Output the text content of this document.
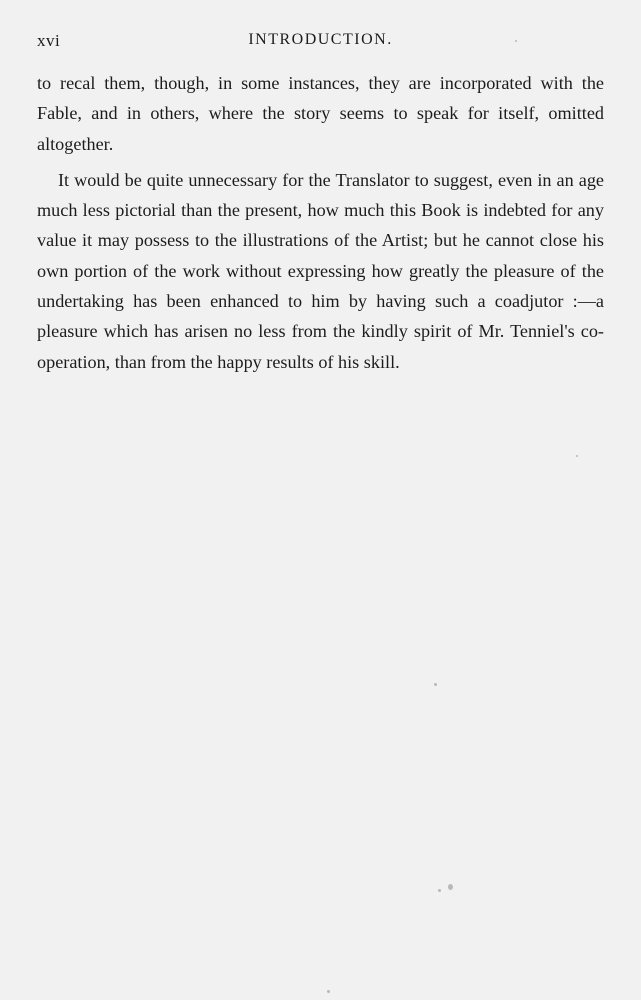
xvi	INTRODUCTION.

to recal them, though, in some instances, they are incorporated with the Fable, and in others, where the story seems to speak for itself, omitted altogether.

It would be quite unnecessary for the Translator to suggest, even in an age much less pictorial than the present, how much this Book is indebted for any value it may possess to the illustrations of the Artist; but he cannot close his own portion of the work without expressing how greatly the pleasure of the undertaking has been enhanced to him by having such a coadjutor :—a pleasure which has arisen no less from the kindly spirit of Mr. Tenniel's co-operation, than from the happy results of his skill.
